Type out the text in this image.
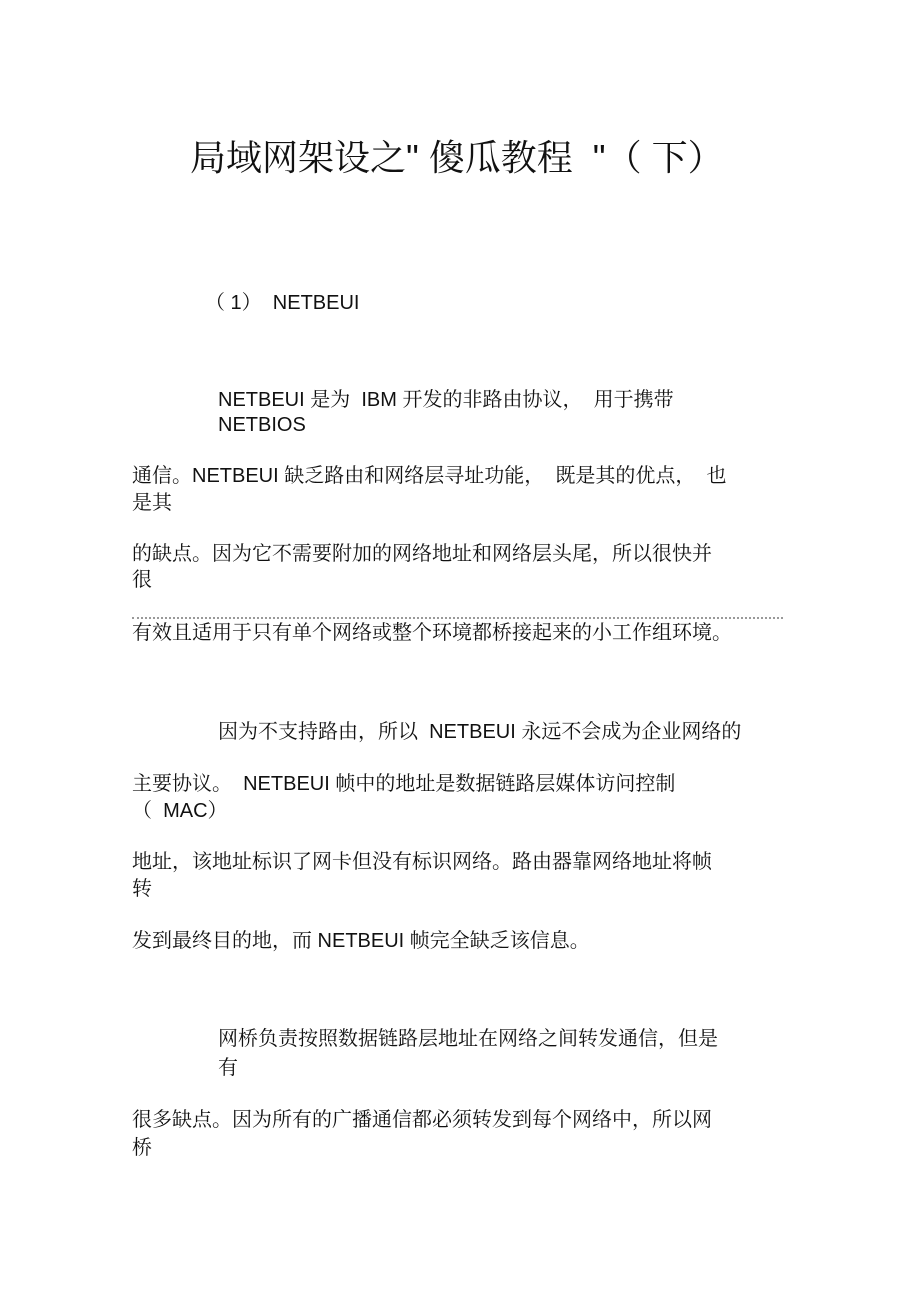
局域网架设之" 傻瓜教程  "（ 下）
（ 1）  NETBEUI
NETBEUI 是为  IBM 开发的非路由协议，  用于携带
NETBIOS
通信。NETBEUI 缺乏路由和网络层寻址功能，  既是其的优点，  也
是其
的缺点。因为它不需要附加的网络地址和网络层头尾，所以很快并
很
有效且适用于只有单个网络或整个环境都桥接起来的小工作组环境。
因为不支持路由，所以  NETBEUI 永远不会成为企业网络的
主要协议。  NETBEUI 帧中的地址是数据链路层媒体访问控制
（  MAC）
地址，该地址标识了网卡但没有标识网络。路由器靠网络地址将帧
转
发到最终目的地，而 NETBEUI 帧完全缺乏该信息。
网桥负责按照数据链路层地址在网络之间转发通信，但是
有
很多缺点。因为所有的广播通信都必须转发到每个网络中，所以网
桥
